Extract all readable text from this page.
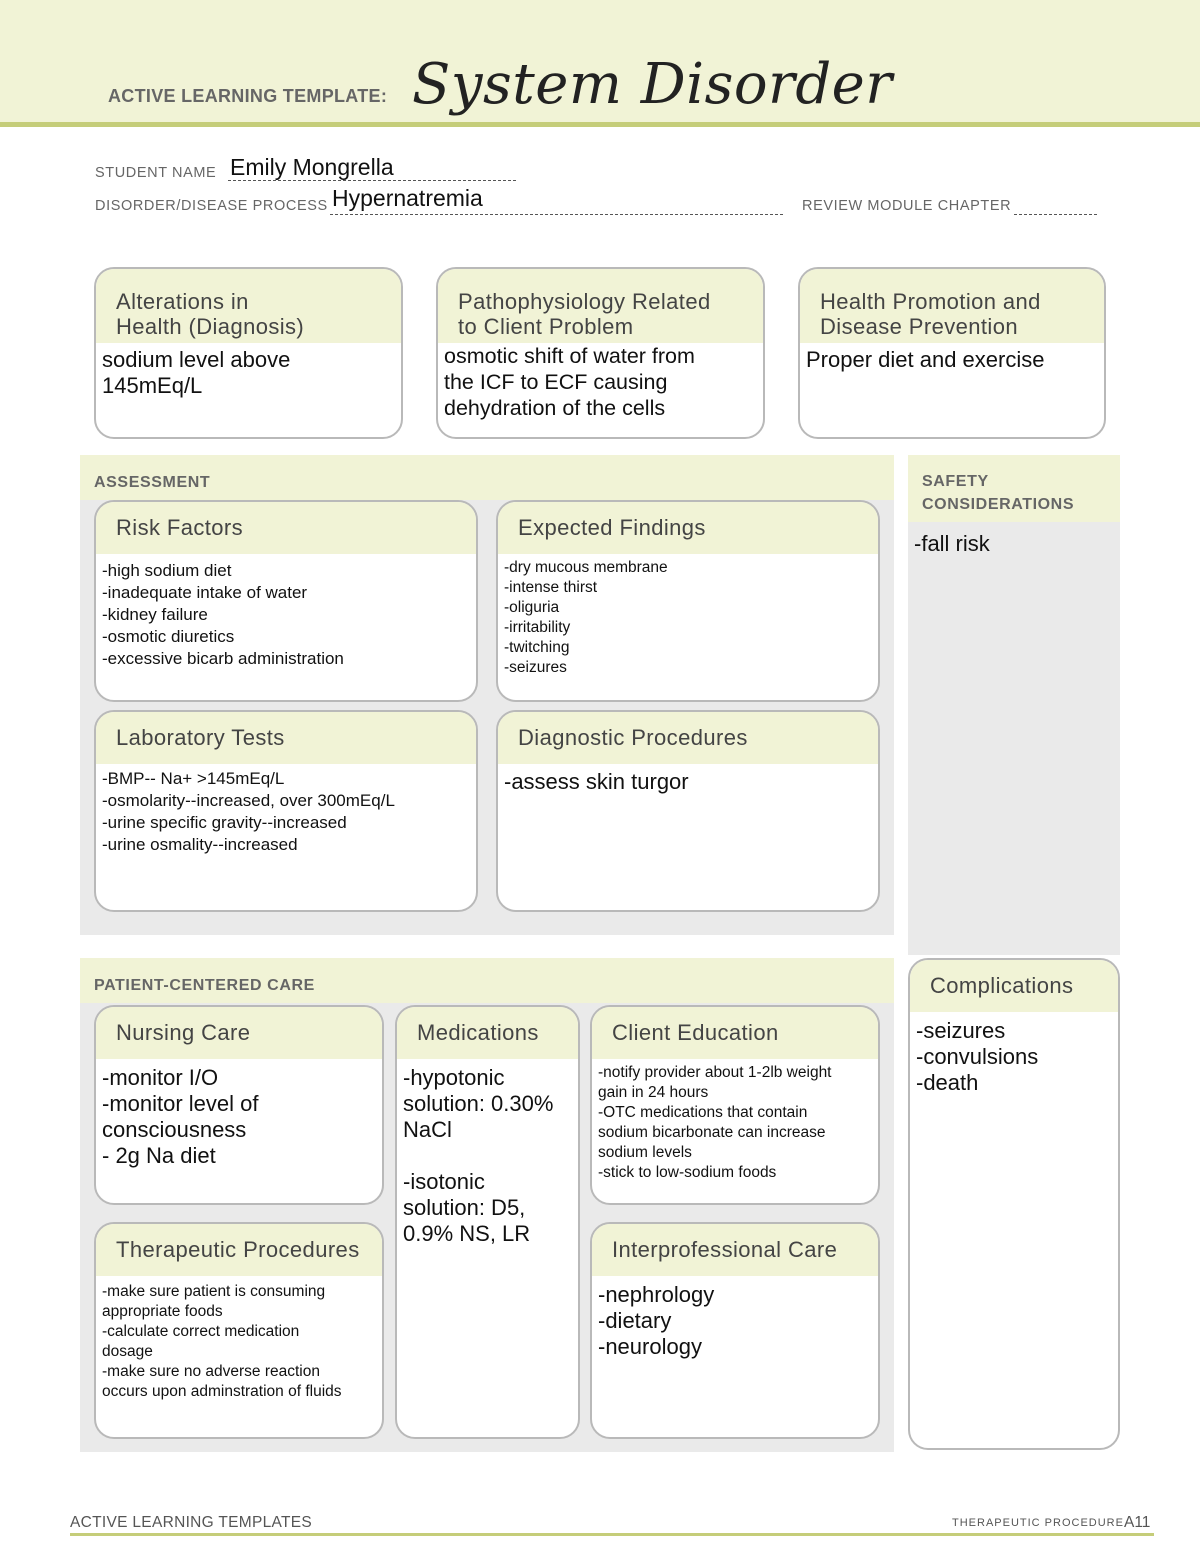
ACTIVE LEARNING TEMPLATE: System Disorder
STUDENT NAME Emily Mongrella
DISORDER/DISEASE PROCESS Hypernatremia	REVIEW MODULE CHAPTER
Alterations in
Health (Diagnosis)
sodium level above
145mEq/L
Pathophysiology Related
to Client Problem
osmotic shift of water from
the ICF to ECF causing
dehydration of the cells
Health Promotion and
Disease Prevention
Proper diet and exercise
ASSESSMENT
Risk Factors
-high sodium diet
-inadequate intake of water
-kidney failure
-osmotic diuretics
-excessive bicarb administration
Expected Findings
-dry mucous membrane
-intense thirst
-oliguria
-irritability
-twitching
-seizures
Laboratory Tests
-BMP-- Na+ >145mEq/L
-osmolarity--increased, over 300mEq/L
-urine specific gravity--increased
-urine osmality--increased
Diagnostic Procedures
-assess skin turgor
SAFETY
CONSIDERATIONS
-fall risk
PATIENT-CENTERED CARE
Nursing Care
-monitor I/O
-monitor level of
consciousness
- 2g Na diet
Medications
-hypotonic
solution: 0.30%
NaCl

-isotonic
solution: D5,
0.9% NS, LR
Client Education
-notify provider about 1-2lb weight
gain in 24 hours
-OTC medications that contain
sodium bicarbonate can increase
sodium levels
-stick to low-sodium foods
Therapeutic Procedures
-make sure patient is consuming
appropriate foods
-calculate correct medication
dosage
-make sure no adverse reaction
occurs upon adminstration of fluids
Interprofessional Care
-nephrology
-dietary
-neurology
Complications
-seizures
-convulsions
-death
ACTIVE LEARNING TEMPLATES	THERAPEUTIC PROCEDURE A11
